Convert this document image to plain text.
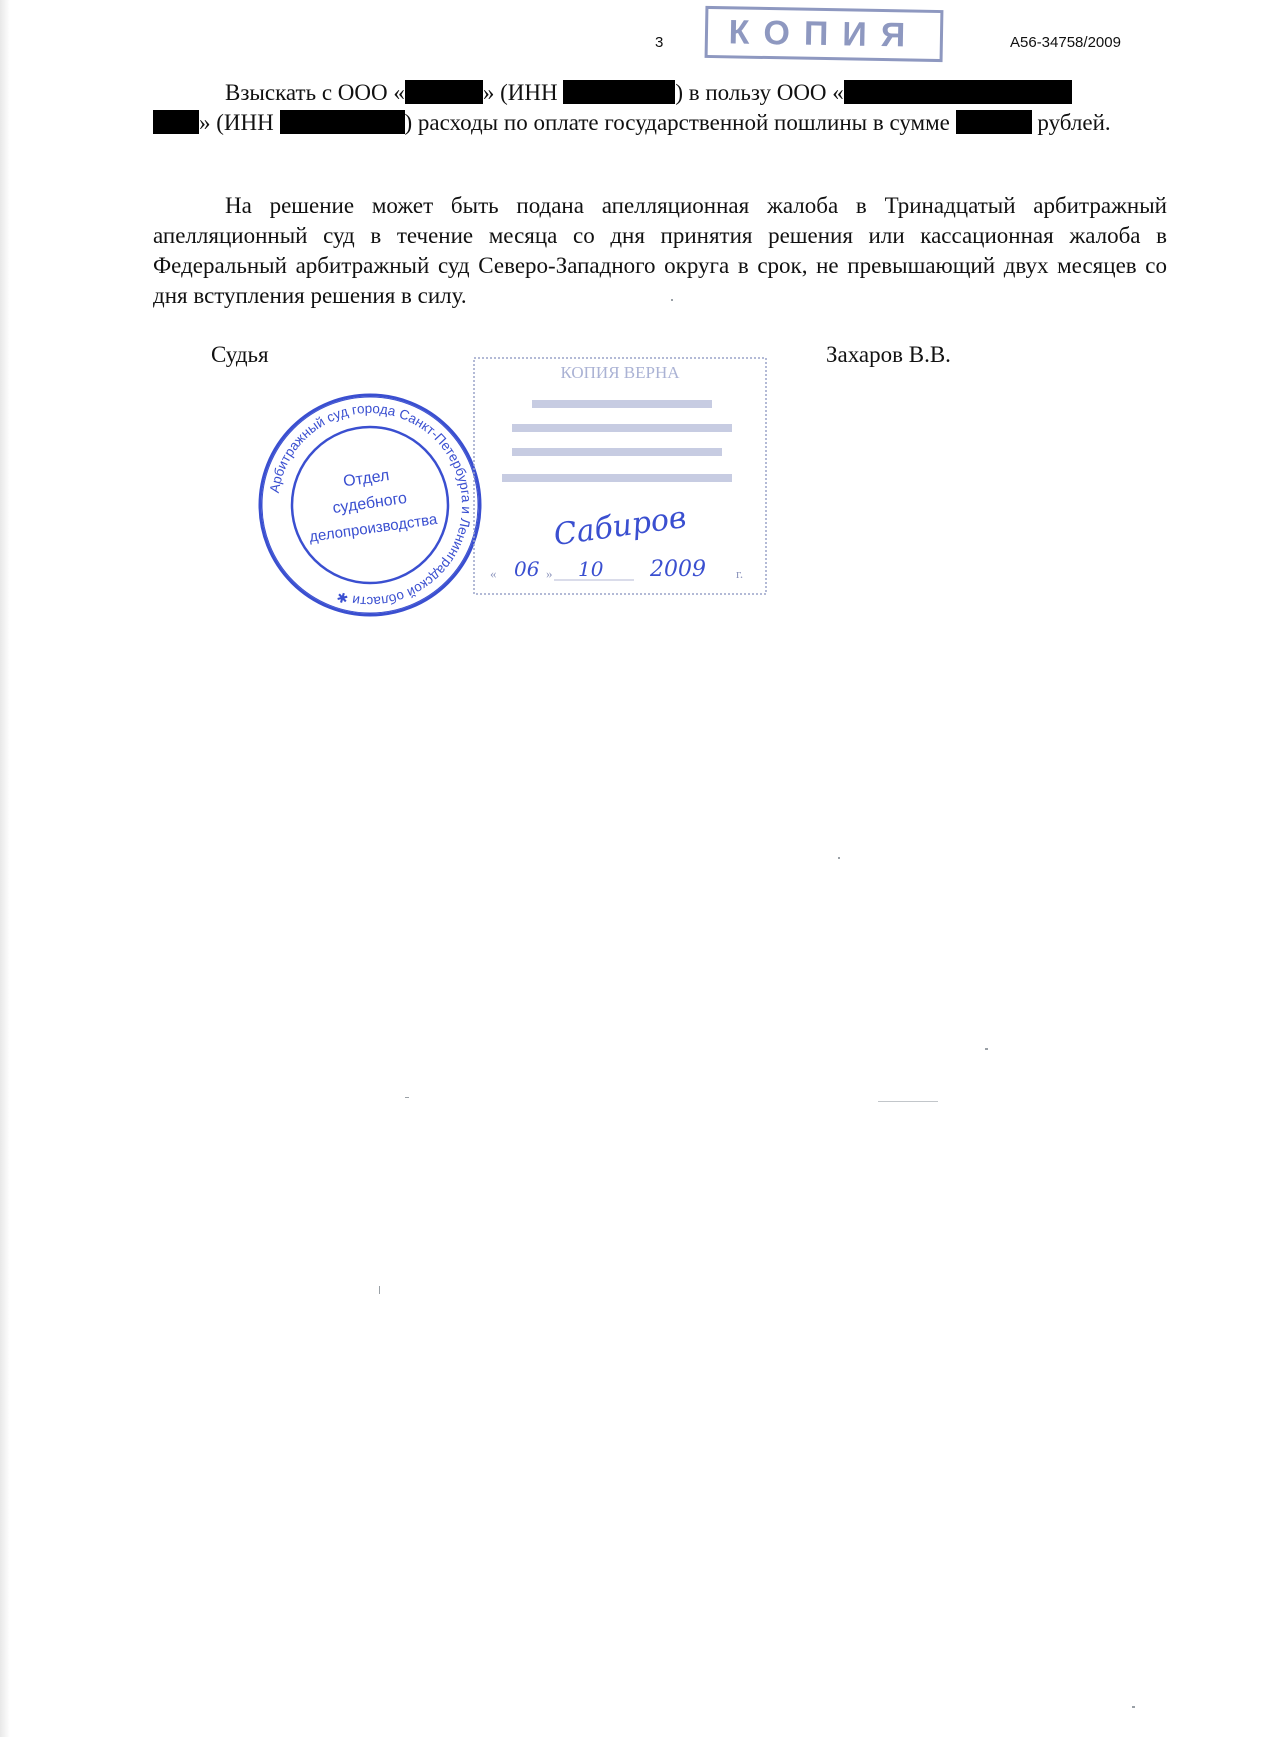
3	КОПИЯ	А56-34758/2009
Взыскать с ООО «	» (ИНН	) в пользу ООО «
» (ИНН	) расходы по оплате государственной пошлины в сумме	рублей.
На решение может быть подана апелляционная жалоба в Тринадцатый арбитражный апелляционный суд в течение месяца со дня принятия решения или кассационная жалоба в Федеральный арбитражный суд Северо-Западного округа в срок, не превышающий двух месяцев со дня вступления решения в силу.
Судья	Захаров В.В.
Арбитражный суд города Санкт-Петербурга и Ленинградской области ✱
Отдел
судебного
делопроизводства
КОПИЯ ВЕРНА
Сабиров
« 06 » 10 2009 г.
